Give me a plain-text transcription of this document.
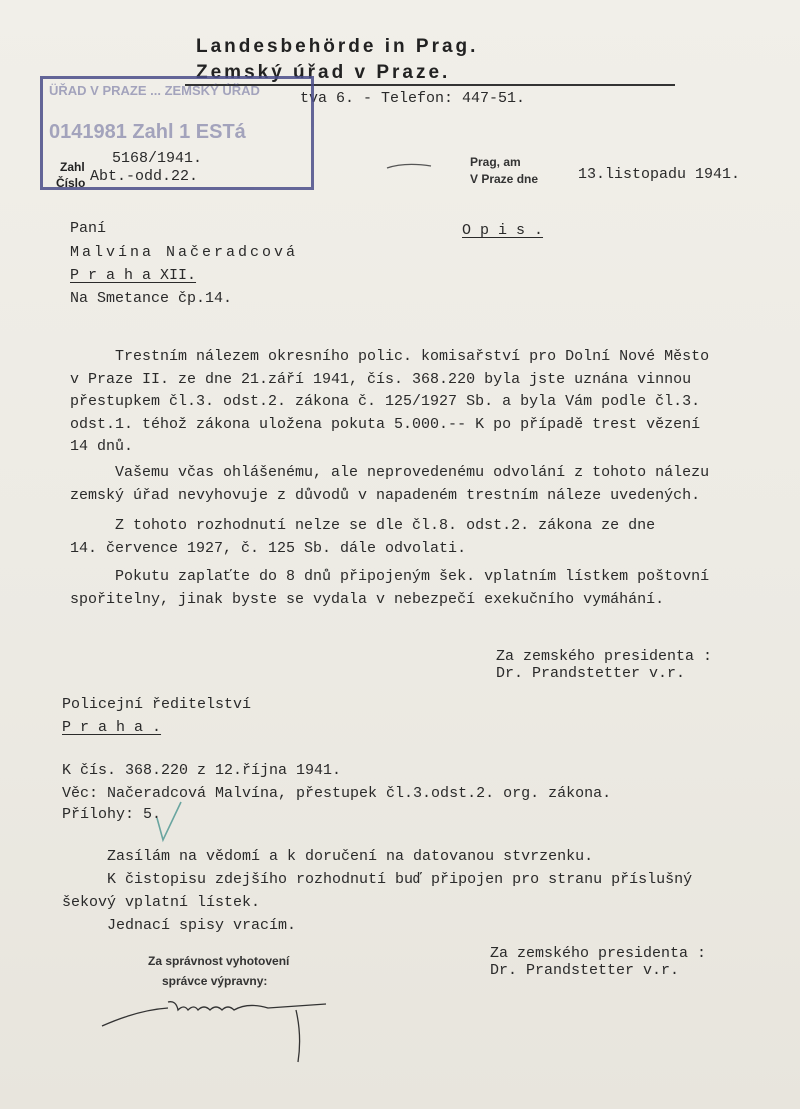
Landesbehörde in Prag.
Zemský úřad v Praze.
tva 6. - Telefon: 447-51.
ÜŘAD V PRAZE ... ZEMSKÝ ÚŘAD
0141981 Zahl 1 ESTá
Zahl
Číslo
5168/1941.
Abt.-odd.22.
Prag, am
V Praze dne	13.listopadu 1941.
O p i s .
Paní
Malvína Načeradcová
P r a h a XII.
Na Smetance čp.14.
Trestním nálezem okresního polic. komisařství pro Dolní Nové Město
v Praze II. ze dne 21.září 1941, čís. 368.220 byla jste uznána vinnou
přestupkem čl.3. odst.2. zákona č. 125/1927 Sb. a byla Vám podle čl.3.
odst.1. téhož zákona uložena pokuta 5.000.-- K po případě trest vězení
14 dnů.
Vašemu včas ohlášenému, ale neprovedenému odvolání z tohoto nálezu
zemský úřad nevyhovuje z důvodů v napadeném trestním náleze uvedených.
Z tohoto rozhodnutí nelze se dle čl.8. odst.2. zákona ze dne
14. července 1927, č. 125 Sb. dále odvolati.
Pokutu zaplaťte do 8 dnů připojeným šek. vplatním lístkem poštovní
spořitelny, jinak byste se vydala v nebezpečí exekučního vymáhání.
Za zemského presidenta :
Dr. Prandstetter v.r.
Policejní ředitelství
P r a h a .
K čís. 368.220 z 12.října 1941.
Věc: Načeradcová Malvína, přestupek čl.3.odst.2. org. zákona.
Přílohy: 5.
Zasílám na vědomí a k doručení na datovanou stvrzenku.
K čistopisu zdejšího rozhodnutí buď připojen pro stranu příslušný
šekový vplatní lístek.
Jednací spisy vracím.
Za zemského presidenta :
Dr. Prandstetter v.r.
Za správnost vyhotovení
správce výpravny:
